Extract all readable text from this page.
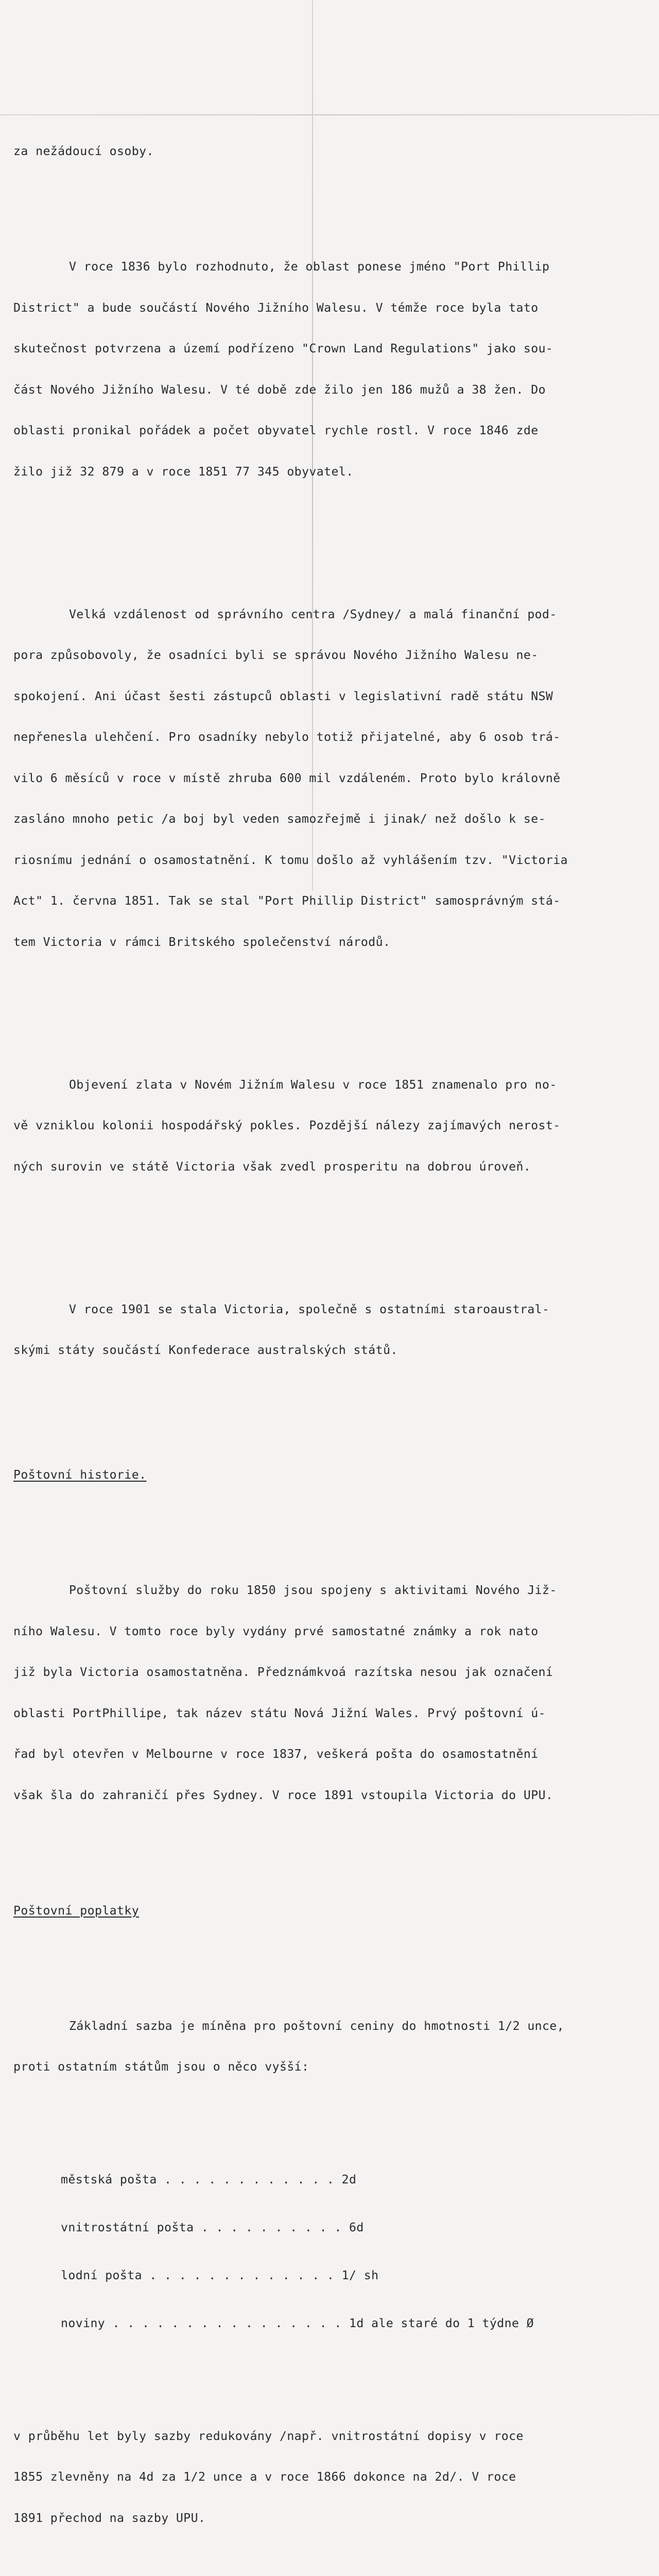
za nežádoucí osoby.

V roce 1836 bylo rozhodnuto, že oblast ponese jméno "Port Phillip

District" a bude součástí Nového Jižního Walesu. V témže roce byla tato

skutečnost potvrzena a území podřízeno "Crown Land Regulations" jako sou-

část Nového Jižního Walesu. V té době zde žilo jen 186 mužů a 38 žen. Do

oblasti pronikal pořádek a počet obyvatel rychle rostl. V roce 1846 zde

žilo již 32 879 a v roce 1851 77 345 obyvatel.

Velká vzdálenost od správního centra /Sydney/ a malá finanční pod-

pora způsobovoly, že osadníci byli se správou Nového Jižního Walesu ne-

spokojení. Ani účast šesti zástupců oblasti v legislativní radě státu NSW

nepřenesla ulehčení. Pro osadníky nebylo totiž přijatelné, aby 6 osob trá-

vilo 6 měsíců v roce v místě zhruba 600 mil vzdáleném. Proto bylo královně

zasláno mnoho petic /a boj byl veden samozřejmě i jinak/ než došlo k se-

riosnímu jednání o osamostatnění. K tomu došlo až vyhlášením tzv. "Victoria

Act" 1. června 1851. Tak se stal "Port Phillip District" samosprávným stá-

tem Victoria v rámci Britského společenství národů.

Objevení zlata v Novém Jižním Walesu v roce 1851 znamenalo pro no-

vě vzniklou kolonii hospodářský pokles. Pozdější nálezy zajímavých nerost-

ných surovin ve státě Victoria však zvedl prosperitu na dobrou úroveň.

V roce 1901 se stala Victoria, společně s ostatními staroaustral-

skými státy součástí Konfederace australských států.

Poštovní historie.

Poštovní služby do roku 1850 jsou spojeny s aktivitami Nového Již-

ního Walesu. V tomto roce byly vydány prvé samostatné známky a rok nato

již byla Victoria osamostatněna. Předznámkvoá razítska nesou jak označení

oblasti PortPhillipe, tak název státu Nová Jižní Wales. Prvý poštovní ú-

řad byl otevřen v Melbourne v roce 1837, veškerá pošta do osamostatnění

však šla do zahraničí přes Sydney. V roce 1891 vstoupila Victoria do UPU.

Poštovní poplatky

Základní sazba je míněna pro poštovní ceniny do hmotnosti 1/2 unce,

proti ostatním státům jsou o něco vyšší:

městská pošta . . . . . . . . . . . . 2d

vnitrostátní pošta . . . . . . . . . . 6d

lodní pošta . . . . . . . . . . . . . 1/ sh

noviny . . . . . . . . . . . . . . . . 1d ale staré do 1 týdne Ø

v průběhu let byly sazby redukovány /např. vnitrostátní dopisy v roce

1855 zlevněny na 4d za 1/2 unce a v roce 1866 dokonce na 2d/. V roce

1891 přechod na sazby UPU.
